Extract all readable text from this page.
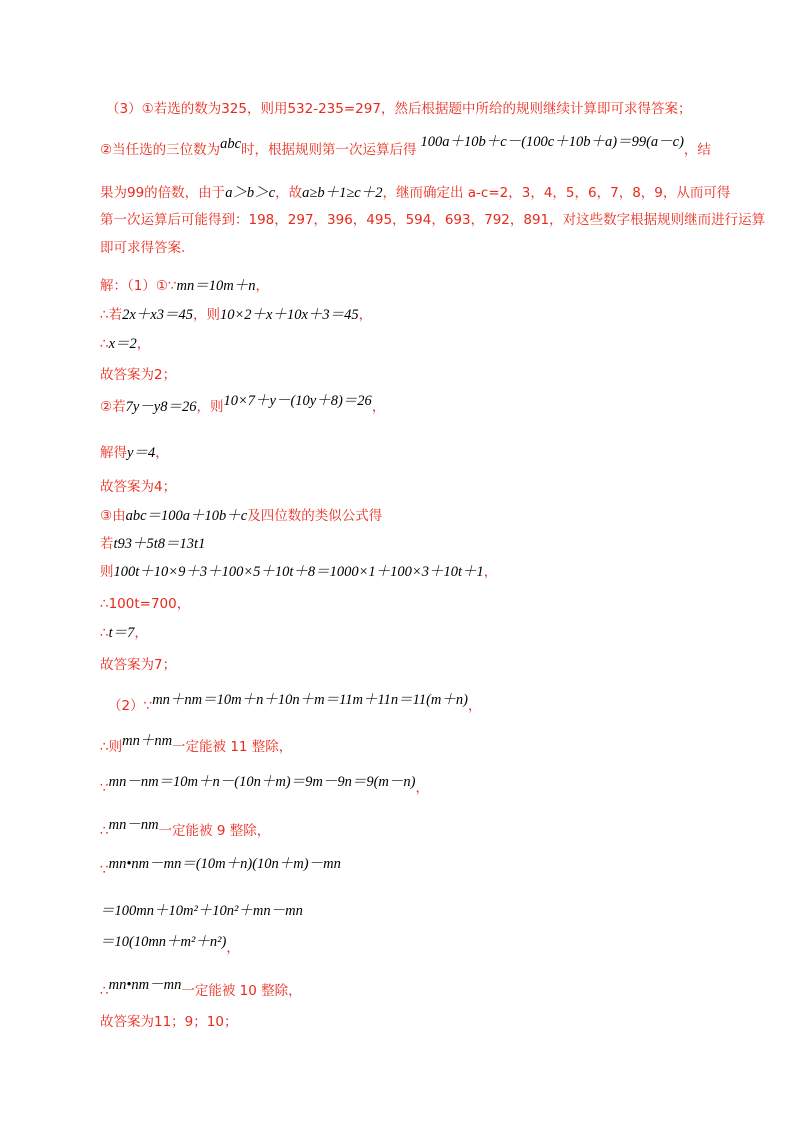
（3）①若选的数为325，则用532-235=297，然后根据题中所给的规则继续计算即可求得答案；
②当任选的三位数为abc时，根据规则第一次运算后得 100a＋10b＋c－(100c＋10b＋a)＝99(a－c)，结
果为99的倍数，由于a＞b＞c，故a≥b＋1≥c＋2，继而确定出 a-c=2，3，4，5，6，7，8，9，从而可得
第一次运算后可能得到：198，297，396，495，594，693，792，891，对这些数字根据规则继而进行运算
即可求得答案.
解：（1）①∵mn＝10m＋n，
∴若2x＋x3＝45，则10×2＋x＋10x＋3＝45，
∴x＝2，
故答案为2；
②若7y－y8＝26，则10×7＋y－(10y＋8)＝26，
解得y＝4，
故答案为4；
③由abc＝100a＋10b＋c及四位数的类似公式得
若t93＋5t8＝13t1
则100t＋10×9＋3＋100×5＋10t＋8＝1000×1＋100×3＋10t＋1，
∴100t=700，
∴t＝7，
故答案为7；
（2）∵mn＋nm＝10m＋n＋10n＋m＝11m＋11n＝11(m＋n)，
∴则mn＋nm一定能被 11 整除，
∵mn－nm＝10m＋n－(10n＋m)＝9m－9n＝9(m－n)，
∴mn－nm一定能被 9 整除，
∵mn•nm－mn＝(10m＋n)(10n＋m)－mn
＝100mn＋10m²＋10n²＋mn－mn
＝10(10mn＋m²＋n²)，
∴mn•nm－mn一定能被 10 整除，
故答案为11；9；10；
